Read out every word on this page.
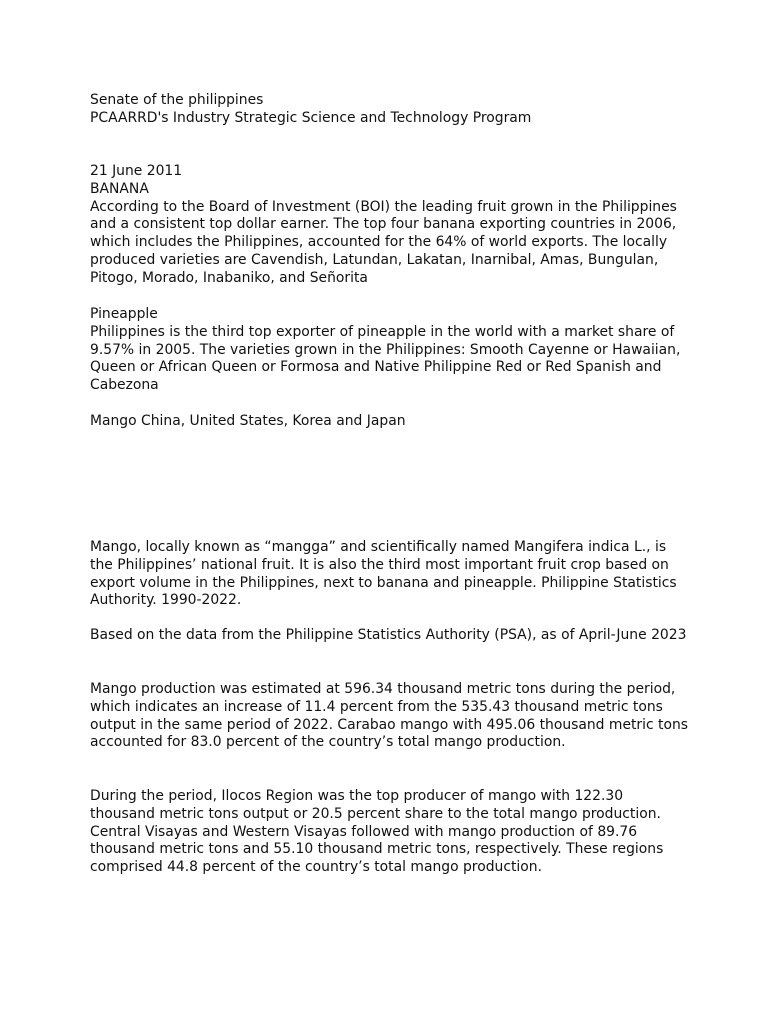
Senate of the philippines

PCAARRD's Industry Strategic Science and Technology Program

21 June 2011

BANANA

According to the Board of Investment (BOI) the leading fruit grown in the Philippines and a consistent top dollar earner. The top four banana exporting countries in 2006, which includes the Philippines, accounted for the 64% of world exports. The locally produced varieties are Cavendish, Latundan, Lakatan, Inarnibal, Amas, Bungulan, Pitogo, Morado, Inabaniko, and Señorita

Pineapple

Philippines is the third top exporter of pineapple in the world with a market share of 9.57% in 2005. The varieties grown in the Philippines: Smooth Cayenne or Hawaiian, Queen or African Queen or Formosa and Native Philippine Red or Red Spanish and Cabezona

Mango China, United States, Korea and Japan

Mango, locally known as “mangga” and scientifically named Mangifera indica L., is the Philippines’ national fruit. It is also the third most important fruit crop based on export volume in the Philippines, next to banana and pineapple. Philippine Statistics Authority. 1990-2022.

Based on the data from the Philippine Statistics Authority (PSA), as of April-June 2023

Mango production was estimated at 596.34 thousand metric tons during the period, which indicates an increase of 11.4 percent from the 535.43 thousand metric tons output in the same period of 2022. Carabao mango with 495.06 thousand metric tons accounted for 83.0 percent of the country’s total mango production.

During the period, Ilocos Region was the top producer of mango with 122.30 thousand metric tons output or 20.5 percent share to the total mango production. Central Visayas and Western Visayas followed with mango production of 89.76 thousand metric tons and 55.10 thousand metric tons, respectively. These regions comprised 44.8 percent of the country’s total mango production.
